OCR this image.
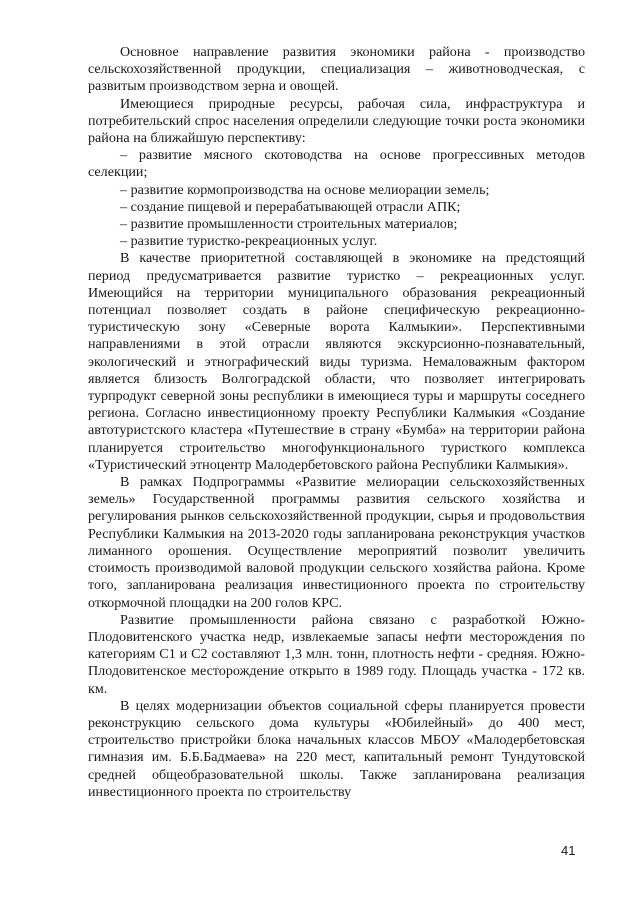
Основное направление развития экономики района - производство сельскохозяйственной продукции, специализация – животноводческая, с развитым производством зерна и овощей.

Имеющиеся природные ресурсы, рабочая сила, инфраструктура и потребительский спрос населения определили следующие точки роста экономики района на ближайшую перспективу:

– развитие мясного скотоводства на основе прогрессивных методов селекции;

– развитие кормопроизводства на основе мелиорации земель;

– создание пищевой и перерабатывающей отрасли АПК;

– развитие промышленности строительных материалов;

– развитие туристко-рекреационных услуг.

В качестве приоритетной составляющей в экономике на предстоящий период предусматривается развитие туристко – рекреационных услуг. Имеющийся на территории муниципального образования рекреационный потенциал позволяет создать в районе специфическую рекреационно-туристическую зону «Северные ворота Калмыкии». Перспективными направлениями в этой отрасли являются экскурсионно-познавательный, экологический и этнографический виды туризма. Немаловажным фактором является близость Волгоградской области, что позволяет интегрировать турпродукт северной зоны республики в имеющиеся туры и маршруты соседнего региона. Согласно инвестиционному проекту Республики Калмыкия «Создание автотуристского кластера «Путешествие в страну «Бумба» на территории района планируется строительство многофункционального туристкого комплекса «Туристический этноцентр Малодербетовского района Республики Калмыкия».

В рамках Подпрограммы «Развитие мелиорации сельскохозяйственных земель» Государственной программы развития сельского хозяйства и регулирования рынков сельскохозяйственной продукции, сырья и продовольствия Республики Калмыкия на 2013-2020 годы запланирована реконструкция участков лиманного орошения. Осуществление мероприятий позволит увеличить стоимость производимой валовой продукции сельского хозяйства района. Кроме того, запланирована реализация инвестиционного проекта по строительству откормочной площадки на 200 голов КРС.

Развитие промышленности района связано с разработкой Южно-Плодовитенского участка недр, извлекаемые запасы нефти месторождения по категориям С1 и С2 составляют 1,3 млн. тонн, плотность нефти - средняя. Южно-Плодовитенское месторождение открыто в 1989 году. Площадь участка - 172 кв. км.

В целях модернизации объектов социальной сферы планируется провести реконструкцию сельского дома культуры «Юбилейный» до 400 мест, строительство пристройки блока начальных классов МБОУ «Малодербетовская гимназия им. Б.Б.Бадмаева» на 220 мест, капитальный ремонт Тундутовской средней общеобразовательной школы. Также запланирована реализация инвестиционного проекта по строительству

41
